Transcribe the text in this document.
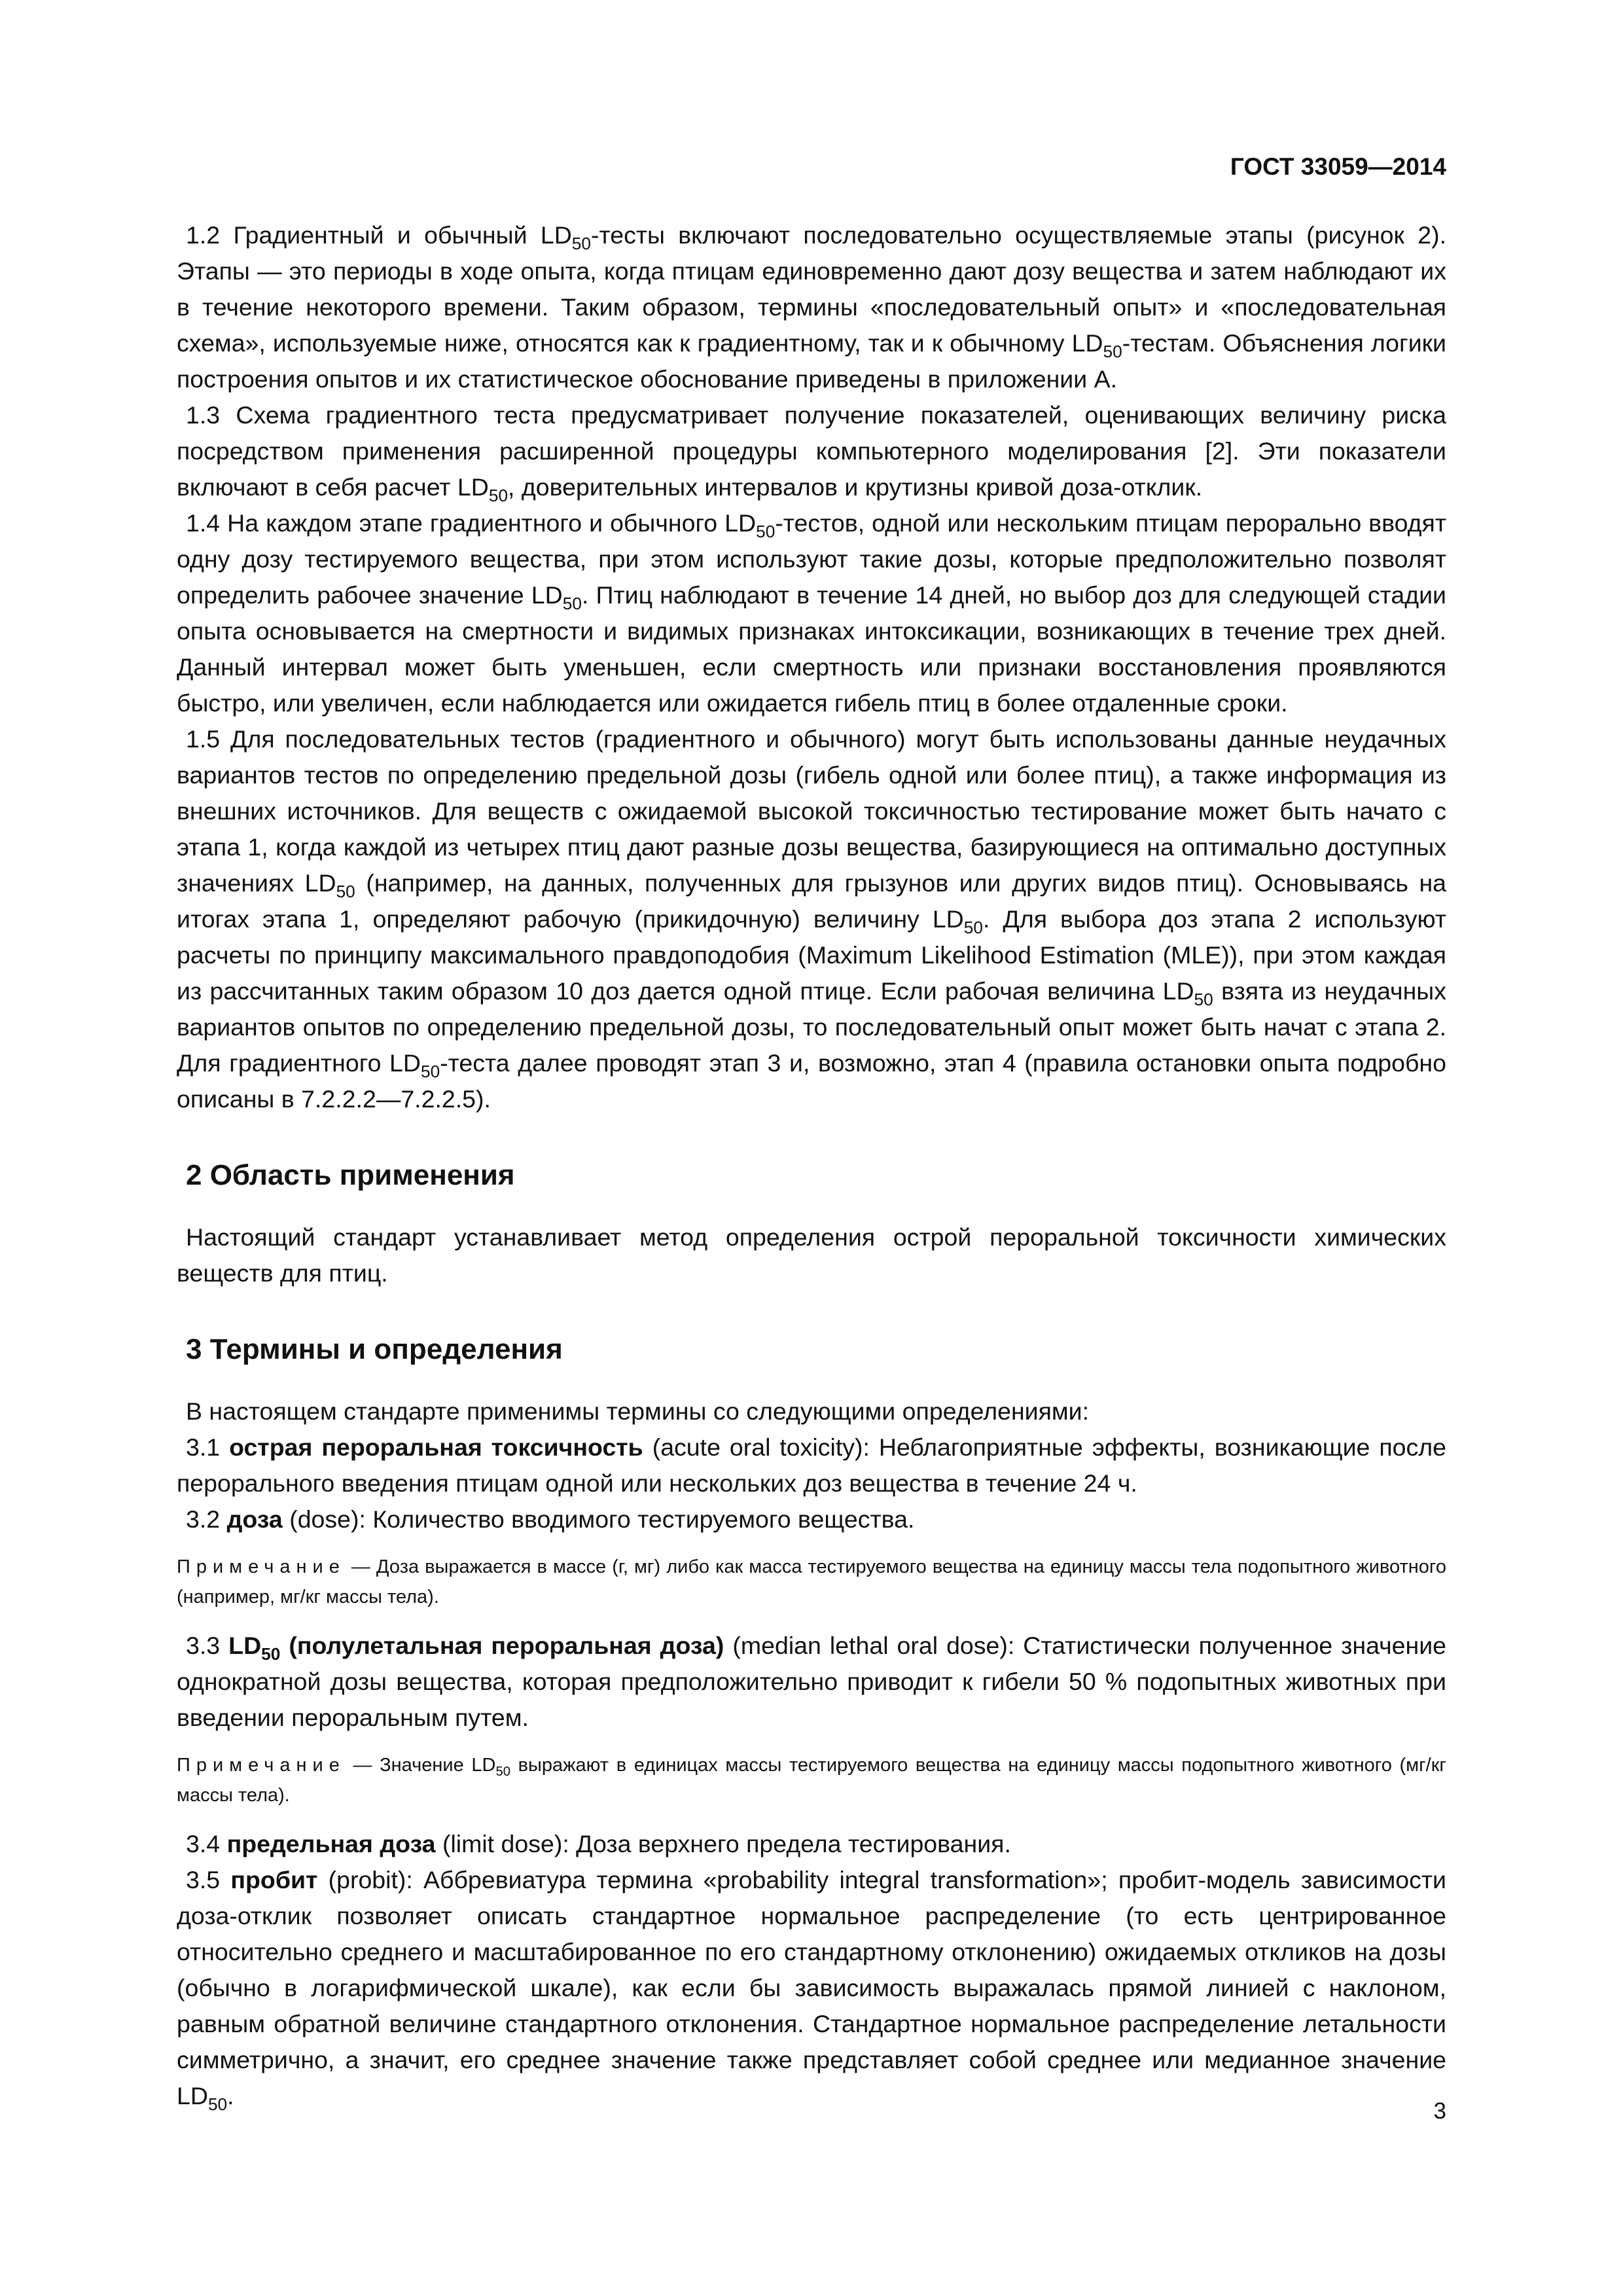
ГОСТ 33059—2014

1.2 Градиентный и обычный $LD_{50}$-тесты включают последовательно осуществляемые этапы (рисунок 2). Этапы — это периоды в ходе опыта, когда птицам единовременно дают дозу вещества и затем наблюдают их в течение некоторого времени. Таким образом, термины «последовательный опыт» и «последовательная схема», используемые ниже, относятся как к градиентному, так и к обычному $LD_{50}$-тестам. Объяснения логики построения опытов и их статистическое обоснование приведены в приложении А.

1.3 Схема градиентного теста предусматривает получение показателей, оценивающих величину риска посредством применения расширенной процедуры компьютерного моделирования [2]. Эти показатели включают в себя расчет $LD_{50}$, доверительных интервалов и крутизны кривой доза-отклик.

1.4 На каждом этапе градиентного и обычного $LD_{50}$-тестов, одной или нескольким птицам перорально вводят одну дозу тестируемого вещества, при этом используют такие дозы, которые предположительно позволят определить рабочее значение $LD_{50}$. Птиц наблюдают в течение 14 дней, но выбор доз для следующей стадии опыта основывается на смертности и видимых признаках интоксикации, возникающих в течение трех дней. Данный интервал может быть уменьшен, если смертность или признаки восстановления проявляются быстро, или увеличен, если наблюдается или ожидается гибель птиц в более отдаленные сроки.

1.5 Для последовательных тестов (градиентного и обычного) могут быть использованы данные неудачных вариантов тестов по определению предельной дозы (гибель одной или более птиц), а также информация из внешних источников. Для веществ с ожидаемой высокой токсичностью тестирование может быть начато с этапа 1, когда каждой из четырех птиц дают разные дозы вещества, базирующиеся на оптимально доступных значениях $LD_{50}$ (например, на данных, полученных для грызунов или других видов птиц). Основываясь на итогах этапа 1, определяют рабочую (прикидочную) величину $LD_{50}$. Для выбора доз этапа 2 используют расчеты по принципу максимального правдоподобия (Maximum Likelihood Estimation (MLE)), при этом каждая из рассчитанных таким образом 10 доз дается одной птице. Если рабочая величина $LD_{50}$ взята из неудачных вариантов опытов по определению предельной дозы, то последовательный опыт может быть начат с этапа 2. Для градиентного $LD_{50}$-теста далее проводят этап 3 и, возможно, этап 4 (правила остановки опыта подробно описаны в 7.2.2.2—7.2.2.5).

2 Область применения

Настоящий стандарт устанавливает метод определения острой пероральной токсичности химических веществ для птиц.

3 Термины и определения

В настоящем стандарте применимы термины со следующими определениями:

3.1 острая пероральная токсичность (acute oral toxicity): Неблагоприятные эффекты, возникающие после перорального введения птицам одной или нескольких доз вещества в течение 24 ч.

3.2 доза (dose): Количество вводимого тестируемого вещества.

Примечание — Доза выражается в массе (г, мг) либо как масса тестируемого вещества на единицу массы тела подопытного животного (например, мг/кг массы тела).

3.3 $LD_{50}$ (полулетальная пероральная доза) (median lethal oral dose): Статистически полученное значение однократной дозы вещества, которая предположительно приводит к гибели 50 % подопытных животных при введении пероральным путем.

Примечание — Значение $LD_{50}$ выражают в единицах массы тестируемого вещества на единицу массы подопытного животного (мг/кг массы тела).

3.4 предельная доза (limit dose): Доза верхнего предела тестирования.

3.5 пробит (probit): Аббревиатура термина «probability integral transformation»; пробит-модель зависимости доза-отклик позволяет описать стандартное нормальное распределение (то есть центрированное относительно среднего и масштабированное по его стандартному отклонению) ожидаемых откликов на дозы (обычно в логарифмической шкале), как если бы зависимость выражалась прямой линией с наклоном, равным обратной величине стандартного отклонения. Стандартное нормальное распределение летальности симметрично, а значит, его среднее значение также представляет собой среднее или медианное значение $LD_{50}$.

3
